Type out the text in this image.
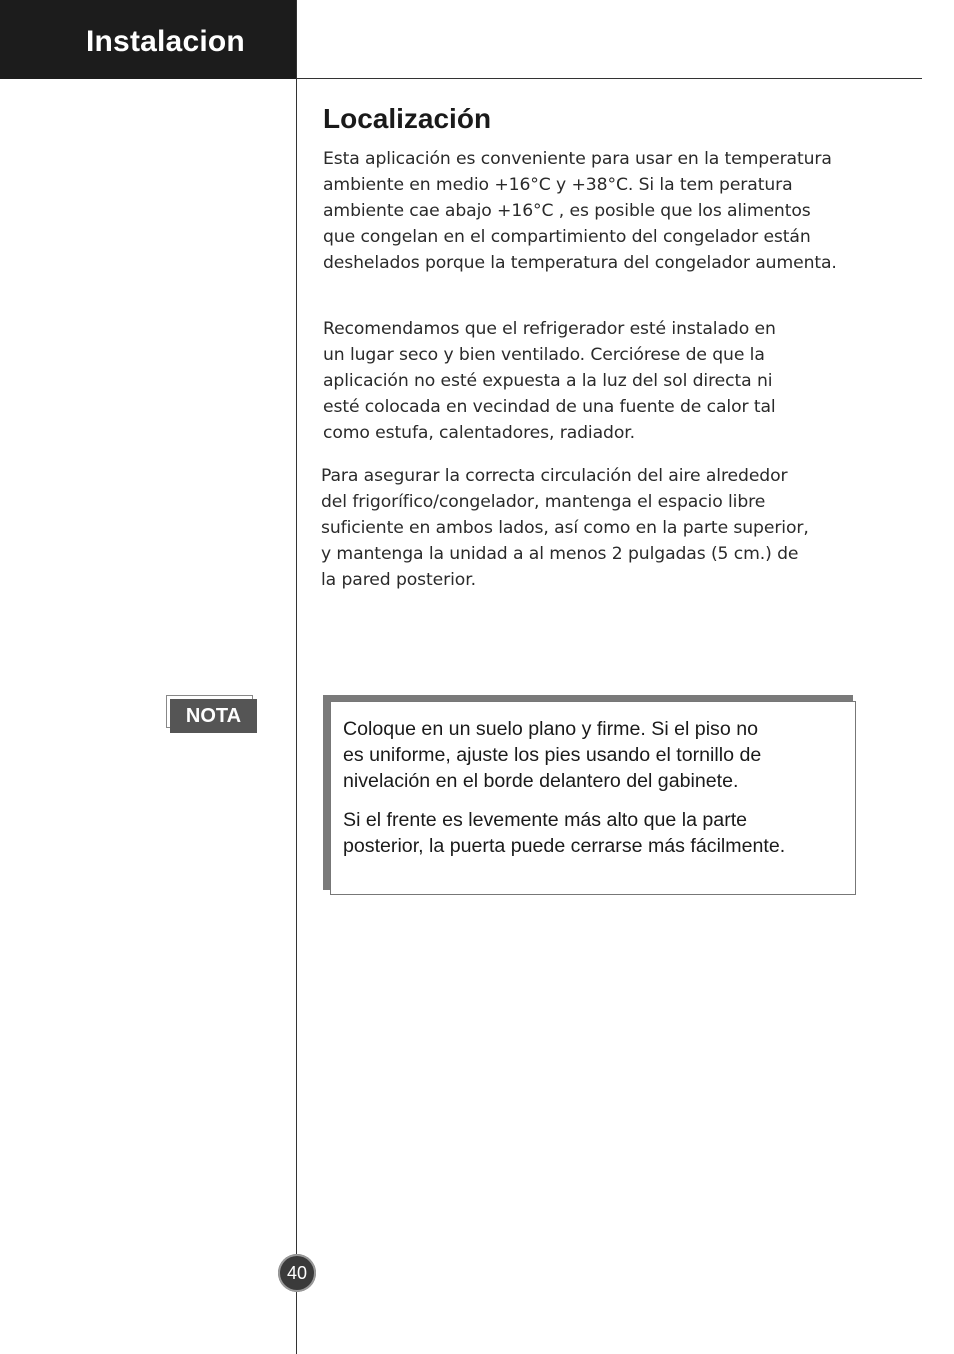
Instalacion
Localización
Esta aplicación es conveniente para usar en la temperatura
ambiente en medio +16°C y +38°C. Si la tem peratura
ambiente cae abajo +16°C , es posible que los alimentos
que congelan en el compartimiento del congelador están
deshelados porque la temperatura del congelador aumenta.
Recomendamos que el refrigerador esté instalado en
un lugar seco y bien ventilado. Cerciórese de que la
aplicación no esté expuesta a la luz del sol directa ni
esté colocada en vecindad de una fuente de calor tal
como estufa, calentadores, radiador.
Para asegurar la correcta circulación del aire alrededor
del frigorífico/congelador, mantenga el espacio libre
suficiente en ambos lados, así como en la parte superior,
y mantenga la unidad a al menos 2 pulgadas (5 cm.) de
la pared posterior.
NOTA
Coloque en un suelo plano y firme. Si el piso no
es uniforme, ajuste los pies usando el tornillo de
nivelación en el borde delantero del gabinete.
Si el frente es levemente más alto que la parte
posterior, la puerta puede cerrarse más fácilmente.
40
